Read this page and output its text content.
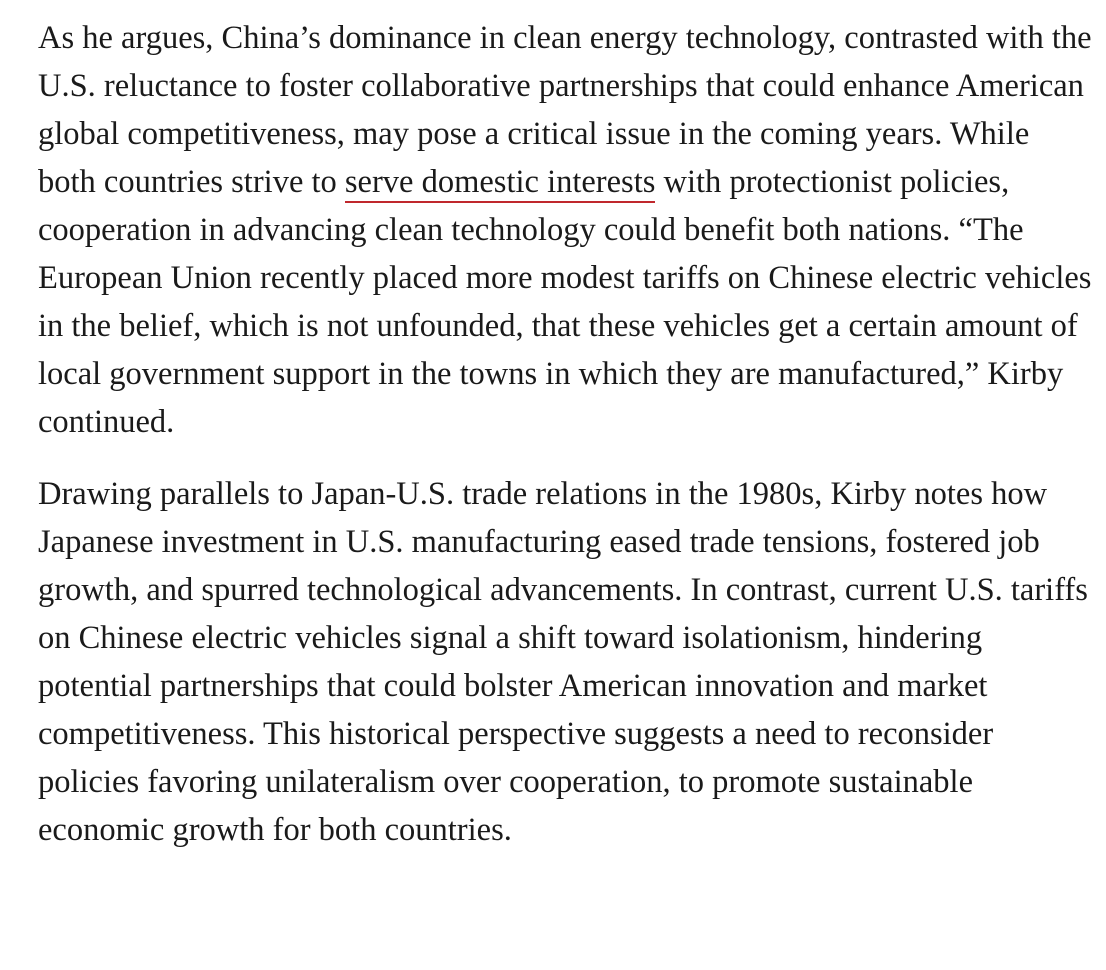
As he argues, China’s dominance in clean energy technology, contrasted with the U.S. reluctance to foster collaborative partnerships that could enhance American global competitiveness, may pose a critical issue in the coming years. While both countries strive to serve domestic interests with protectionist policies, cooperation in advancing clean technology could benefit both nations. “The European Union recently placed more modest tariffs on Chinese electric vehicles in the belief, which is not unfounded, that these vehicles get a certain amount of local government support in the towns in which they are manufactured,” Kirby continued.

Drawing parallels to Japan-U.S. trade relations in the 1980s, Kirby notes how Japanese investment in U.S. manufacturing eased trade tensions, fostered job growth, and spurred technological advancements. In contrast, current U.S. tariffs on Chinese electric vehicles signal a shift toward isolationism, hindering potential partnerships that could bolster American innovation and market competitiveness. This historical perspective suggests a need to reconsider policies favoring unilateralism over cooperation, to promote sustainable economic growth for both countries.
